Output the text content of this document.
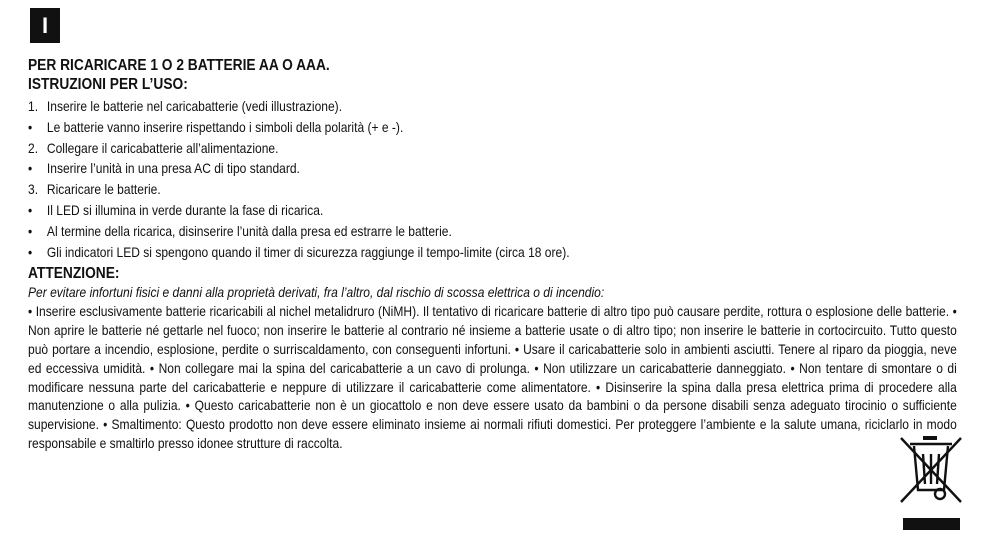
I

PER RICARICARE 1 O 2 BATTERIE AA O AAA.

ISTRUZIONI PER L’USO:

1. Inserire le batterie nel caricabatterie (vedi illustrazione).
•	Le batterie vanno inserire rispettando i simboli della polarità (+ e -).
2. Collegare il caricabatterie all’alimentazione.
•	Inserire l’unità in una presa AC di tipo standard.
3. Ricaricare le batterie.
•	Il LED si illumina in verde durante la fase di ricarica.
•	Al termine della ricarica, disinserire l’unità dalla presa ed estrarre le batterie.
•	Gli indicatori LED si spengono quando il timer di sicurezza raggiunge il tempo-limite (circa 18 ore).

ATTENZIONE:

Per evitare infortuni fisici e danni alla proprietà derivati, fra l’altro, dal rischio di scossa elettrica o di incendio:

• Inserire esclusivamente batterie ricaricabili al nichel metalidruro (NiMH). Il tentativo di ricaricare batterie di altro tipo può causare perdite, rottura o esplosione delle batterie. • Non aprire le batterie né gettarle nel fuoco; non inserire le batterie al contrario né insieme a batterie usate o di altro tipo; non inserire le batterie in cortocircuito. Tutto questo può portare a incendio, esplosione, perdite o surriscaldamento, con conseguenti infortuni. • Usare il caricabatterie solo in ambienti asciutti. Tenere al riparo da pioggia, neve ed eccessiva umidità. • Non collegare mai la spina del caricabatterie a un cavo di prolunga. • Non utilizzare un caricabatterie danneggiato. • Non tentare di smontare o di modificare nessuna parte del caricabatterie e neppure di utilizzare il caricabatterie come alimentatore. • Disinserire la spina dalla presa elettrica prima di procedere alla manutenzione o alla pulizia. • Questo caricabatterie non è un giocattolo e non deve essere usato da bambini o da persone disabili senza adeguato tirocinio o sufficiente supervisione. • Smaltimento: Questo prodotto non deve essere eliminato insieme ai normali rifiuti domestici. Per proteggere l’ambiente e la salute umana, riciclarlo in modo responsabile e smaltirlo presso idonee strutture di raccolta.
